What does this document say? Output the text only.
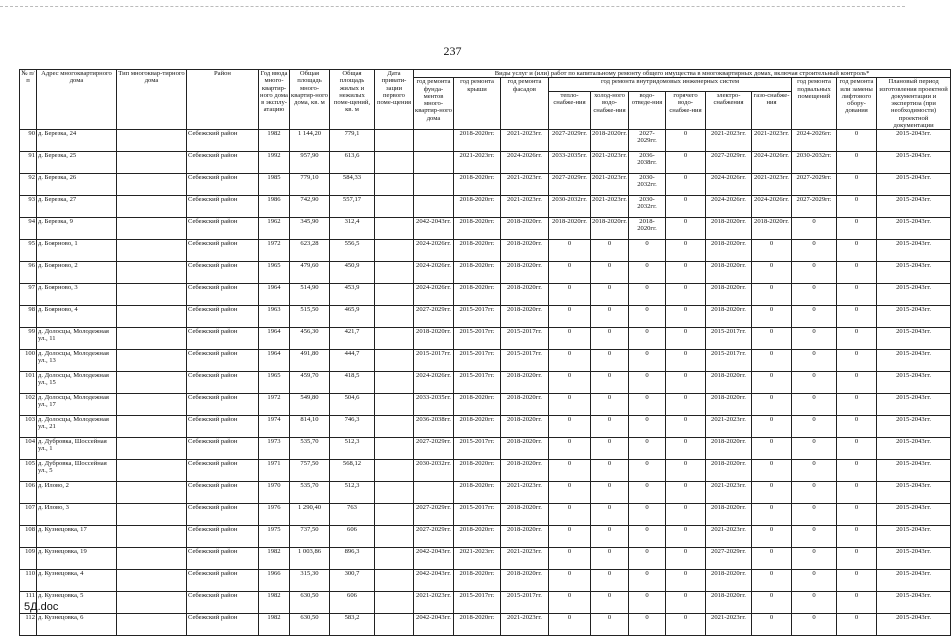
237
№ п/п	Адрес многоквартирного дома	Тип многоквар-тирного дома	Район	Год ввода много-квартир-ного дома в эксплу-атацию	Общая площадь много-квартир-ного дома, кв. м	Общая площадь жилых и нежилых поме-щений, кв. м	Дата привати-зации первого поме-щения	Виды услуг и (или) работ по капитальному ремонту общего имущества в многоквартирных домах, включая строительный контроль*											
								год ремонта фунда-ментов много-квартир-ного дома	год ремонта крыши	год ремонта фасадов	год ремонта внутридомовых инженерных систем						год ремонта подвальных помещений	год ремонта или замены лифтового обору-дования	Плановый период изготовления проектной документации и экспертиза (при необходимости) проектной документации
											тепло-снабже-ния	холод-ного водо-снабже-ния	водо-отведе-ния	горячего водо-снабже-ния	электро-снабжения	газо-снабже-ния			
90	д. Березка, 24		Себежский район	1982	1 144,20	779,1			2018-2020гг.	2021-2023гг.	2027-2029гг.	2018-2020гг.	2027-2029гг.	0	2021-2023гг.	2021-2023гг.	2024-2026гг.	0	2015-2043гг.
91	д. Березка, 25		Себежский район	1992	957,90	613,6			2021-2023гг.	2024-2026гг.	2033-2035гг.	2021-2023гг.	2036-2038гг.	0	2027-2029гг.	2024-2026гг.	2030-2032гг.	0	2015-2043гг.
92	д. Березка, 26		Себежский район	1985	779,10	584,33			2018-2020гг.	2021-2023гг.	2027-2029гг.	2021-2023гг.	2030-2032гг.	0	2024-2026гг.	2021-2023гг.	2027-2029гг.	0	2015-2043гг.
93	д. Березка, 27		Себежский район	1986	742,90	557,17			2018-2020гг.	2021-2023гг.	2030-2032гг.	2021-2023гг.	2030-2032гг.	0	2024-2026гг.	2024-2026гг.	2027-2029гг.	0	2015-2043гг.
94	д. Березка, 9		Себежский район	1962	345,90	312,4		2042-2043гг.	2018-2020гг.	2018-2020гг.	2018-2020гг.	2018-2020гг.	2018-2020гг.	0	2018-2020гг.	2018-2020гг.	0	0	2015-2043гг.
95	д. Боярново, 1		Себежский район	1972	623,28	556,5		2024-2026гг.	2018-2020гг.	2018-2020гг.	0	0	0	0	2018-2020гг.	0	0	0	2015-2043гг.
96	д. Боярново, 2		Себежский район	1965	479,60	450,9		2024-2026гг.	2018-2020гг.	2018-2020гг.	0	0	0	0	2018-2020гг.	0	0	0	2015-2043гг.
97	д. Боярново, 3		Себежский район	1964	514,90	453,9		2024-2026гг.	2018-2020гг.	2018-2020гг.	0	0	0	0	2018-2020гг.	0	0	0	2015-2043гг.
98	д. Боярново, 4		Себежский район	1963	515,50	465,9		2027-2029гг.	2015-2017гг.	2018-2020гг.	0	0	0	0	2018-2020гг.	0	0	0	2015-2043гг.
99	д. Долосцы, Молодежная ул., 11		Себежский район	1964	456,30	421,7		2018-2020гг.	2015-2017гг.	2015-2017гг.	0	0	0	0	2015-2017гг.	0	0	0	2015-2043гг.
100	д. Долосцы, Молодежная ул., 13		Себежский район	1964	491,80	444,7		2015-2017гг.	2015-2017гг.	2015-2017гг.	0	0	0	0	2015-2017гг.	0	0	0	2015-2043гг.
101	д. Долосцы, Молодежная ул., 15		Себежский район	1965	459,70	418,5		2024-2026гг.	2015-2017гг.	2018-2020гг.	0	0	0	0	2018-2020гг.	0	0	0	2015-2043гг.
102	д. Долосцы, Молодежная ул., 17		Себежский район	1972	549,80	504,6		2033-2035гг.	2018-2020гг.	2018-2020гг.	0	0	0	0	2018-2020гг.	0	0	0	2015-2043гг.
103	д. Долосцы, Молодежная ул., 21		Себежский район	1974	814,10	746,3		2036-2038гг.	2018-2020гг.	2018-2020гг.	0	0	0	0	2021-2023гг.	0	0	0	2015-2043гг.
104	д. Дубровка, Шоссейная ул., 1		Себежский район	1973	535,70	512,3		2027-2029гг.	2015-2017гг.	2018-2020гг.	0	0	0	0	2018-2020гг.	0	0	0	2015-2043гг.
105	д. Дубровка, Шоссейная ул., 5		Себежский район	1971	757,50	568,12		2030-2032гг.	2018-2020гг.	2018-2020гг.	0	0	0	0	2018-2020гг.	0	0	0	2015-2043гг.
106	д. Илово, 2		Себежский район	1970	535,70	512,3			2018-2020гг.	2021-2023гг.	0	0	0	0	2021-2023гг.	0	0	0	2015-2043гг.
107	д. Илово, 3		Себежский район	1976	1 290,40	763		2027-2029гг.	2015-2017гг.	2018-2020гг.	0	0	0	0	2018-2020гг.	0	0	0	2015-2043гг.
108	д. Кузнецовка, 17		Себежский район	1975	737,50	606		2027-2029гг.	2018-2020гг.	2018-2020гг.	0	0	0	0	2021-2023гг.	0	0	0	2015-2043гг.
109	д. Кузнецовка, 19		Себежский район	1982	1 003,86	896,3		2042-2043гг.	2021-2023гг.	2021-2023гг.	0	0	0	0	2027-2029гг.	0	0	0	2015-2043гг.
110	д. Кузнецовка, 4		Себежский район	1966	315,30	300,7		2042-2043гг.	2018-2020гг.	2018-2020гг.	0	0	0	0	2018-2020гг.	0	0	0	2015-2043гг.
111	д. Кузнецовка, 5		Себежский район	1982	630,50	606		2021-2023гг.	2015-2017гг.	2015-2017гг.	0	0	0	0	2018-2020гг.	0	0	0	2015-2043гг.
112	д. Кузнецовка, 6		Себежский район	1982	630,50	583,2		2042-2043гг.	2018-2020гг.	2021-2023гг.	0	0	0	0	2021-2023гг.	0	0	0	2015-2043гг.
5Д.doc
